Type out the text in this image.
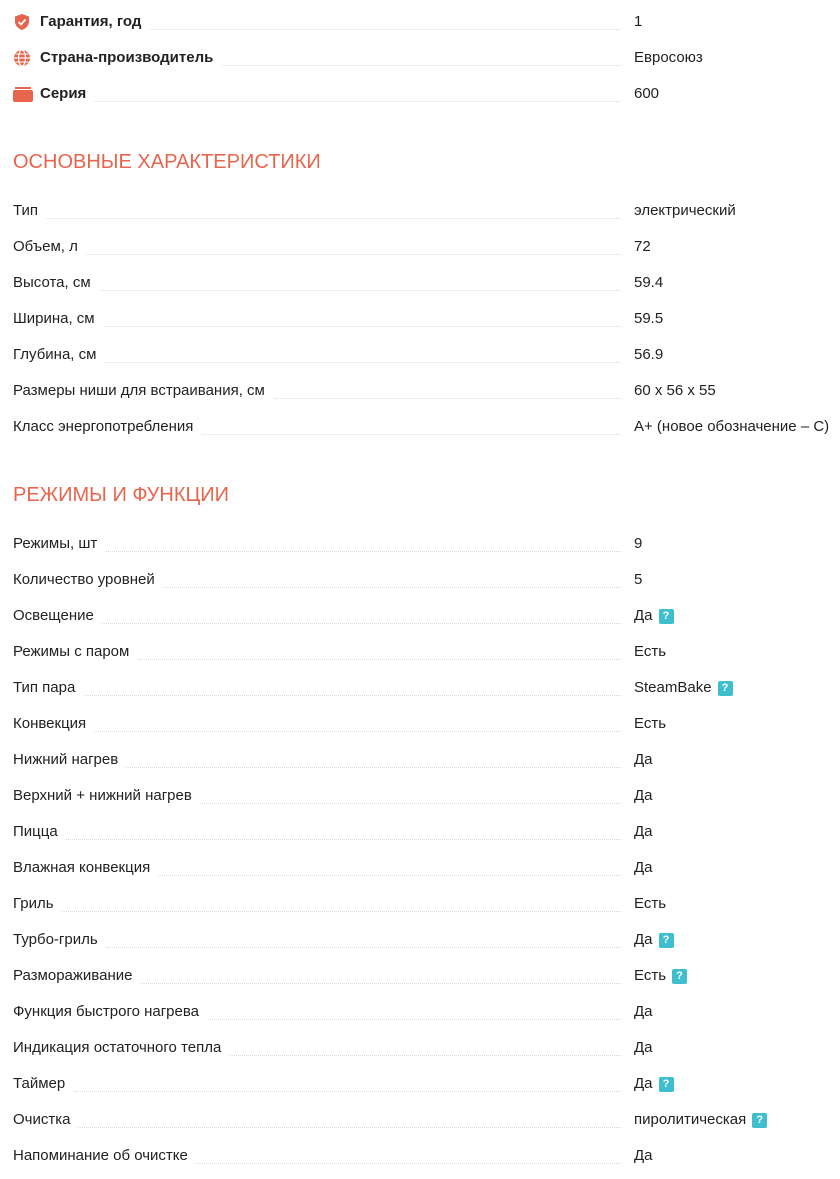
Гарантия, год	1
Страна-производитель	Евросоюз
Серия	600
ОСНОВНЫЕ ХАРАКТЕРИСТИКИ
Тип	электрический
Объем, л	72
Высота, см	59.4
Ширина, см	59.5
Глубина, см	56.9
Размеры ниши для встраивания, см	60 x 56 x 55
Класс энергопотребления	A+ (новое обозначение – C)
РЕЖИМЫ И ФУНКЦИИ
Режимы, шт	9
Количество уровней	5
Освещение	Да ?
Режимы с паром	Есть
Тип пара	SteamBake ?
Конвекция	Есть
Нижний нагрев	Да
Верхний + нижний нагрев	Да
Пицца	Да
Влажная конвекция	Да
Гриль	Есть
Турбо-гриль	Да ?
Размораживание	Есть ?
Функция быстрого нагрева	Да
Индикация остаточного тепла	Да
Таймер	Да ?
Очистка	пиролитическая ?
Напоминание об очистке	Да
